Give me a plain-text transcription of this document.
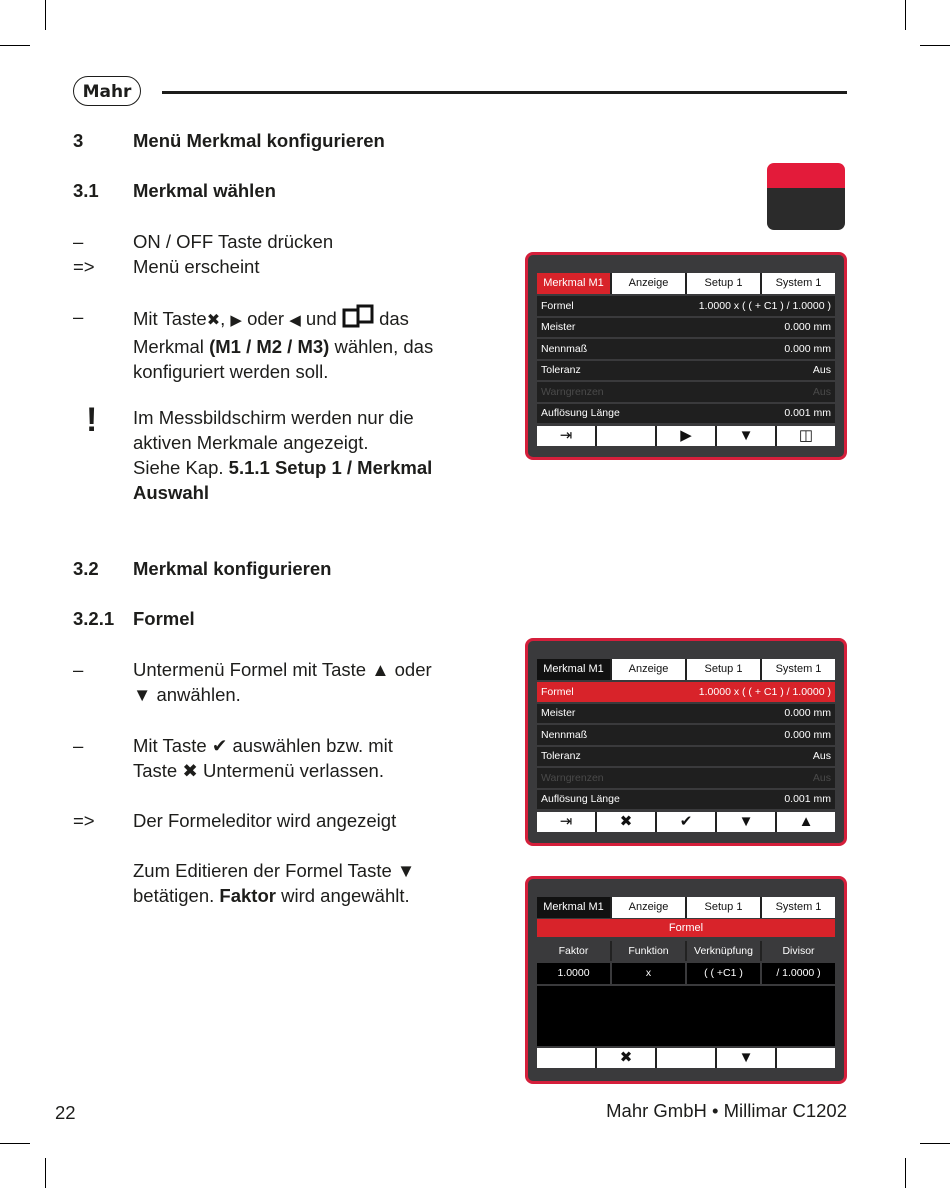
Mahr
3	Menü Merkmal konfigurieren
3.1 Merkmal wählen
–	ON / OFF Taste drücken
=> Menü erscheint
–	Mit Taste✖, ▶ oder ◀ und das
Merkmal (M1 / M2 / M3) wählen, das
konfiguriert werden soll.
! Im Messbildschirm werden nur die
aktiven Merkmale angezeigt.
Siehe Kap. 5.1.1 Setup 1 / Merkmal
Auswahl
3.2 Merkmal konfigurieren
3.2.1 Formel
–	Untermenü Formel mit Taste ▲ oder
▼ anwählen.
–	Mit Taste ✔ auswählen bzw. mit
Taste ✖ Untermenü verlassen.
=> Der Formeleditor wird angezeigt
Zum Editieren der Formel Taste ▼
betätigen. Faktor wird angewählt.
Merkmal M1	Anzeige	Setup 1	System 1
Formel	1.0000 x ( ( + C1 ) / 1.0000 )
Meister	0.000 mm
Nennmaß	0.000 mm
Toleranz	Aus
Warngrenzen	Aus
Auflösung Länge	0.001 mm
⇥	▶	▼	◫
Merkmal M1	Anzeige	Setup 1	System 1
Formel	1.0000 x ( ( + C1 ) / 1.0000 )
Meister	0.000 mm
Nennmaß	0.000 mm
Toleranz	Aus
Warngrenzen	Aus
Auflösung Länge	0.001 mm
⇥	✖	✔	▼	▲
Merkmal M1	Anzeige	Setup 1	System 1
Formel
Faktor	Funktion	Verknüpfung	Divisor
1.0000	x	( ( +C1 )	/ 1.0000 )
✖	▼
22	Mahr GmbH • Millimar C1202
